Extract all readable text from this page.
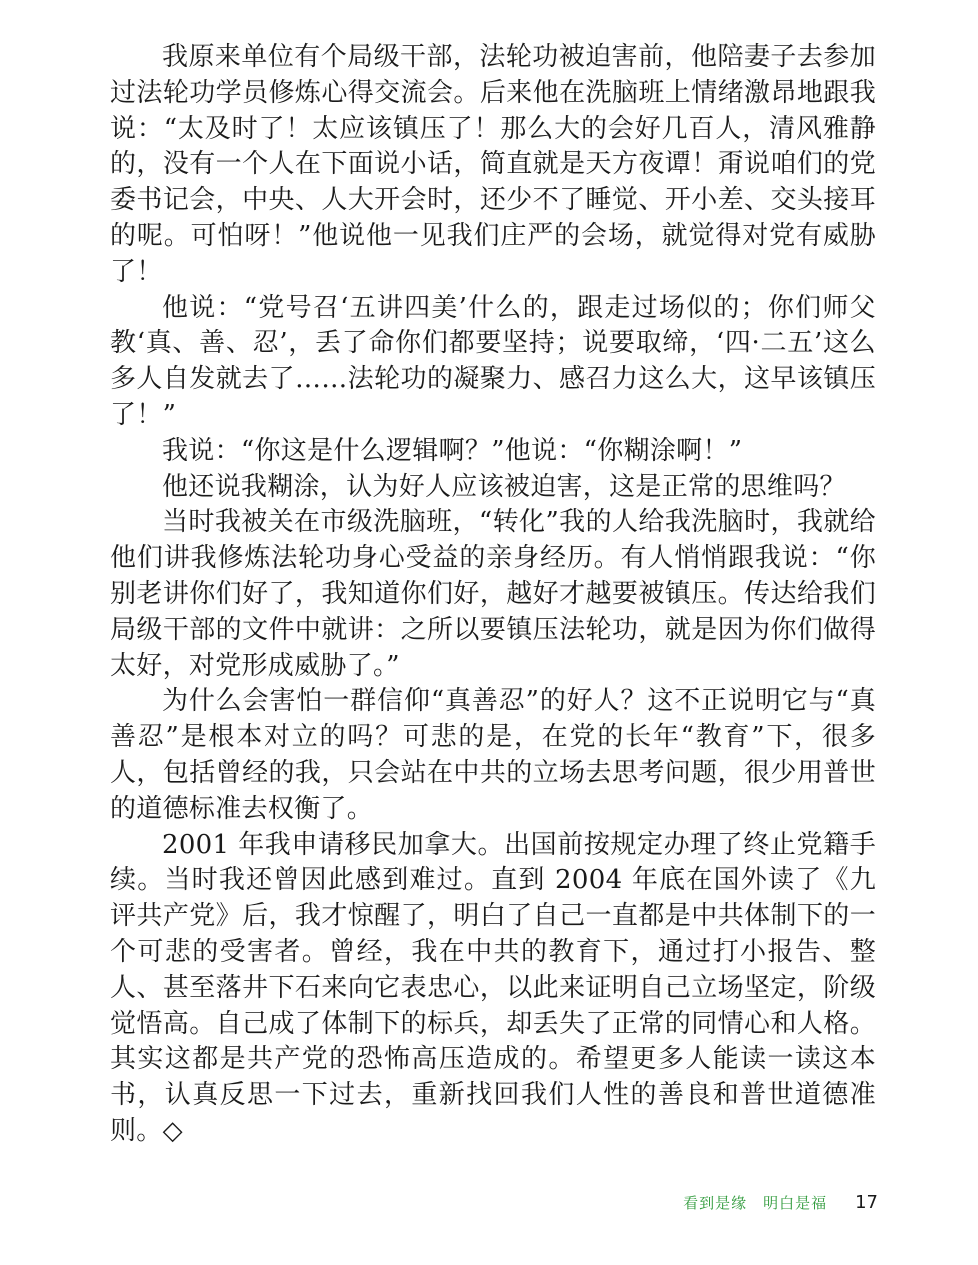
我原来单位有个局级干部，法轮功被迫害前，他陪妻子去参加过法轮功学员修炼心得交流会。后来他在洗脑班上情绪激昂地跟我说：“太及时了！太应该镇压了！那么大的会好几百人，清风雅静的，没有一个人在下面说小话，简直就是天方夜谭！甭说咱们的党委书记会，中央、人大开会时，还少不了睡觉、开小差、交头接耳的呢。可怕呀！”他说他一见我们庄严的会场，就觉得对党有威胁了！

他说：“党号召‘五讲四美’什么的，跟走过场似的；你们师父教‘真、善、忍’，丢了命你们都要坚持；说要取缔，‘四·二五’这么多人自发就去了……法轮功的凝聚力、感召力这么大，这早该镇压了！”

我说：“你这是什么逻辑啊？”他说：“你糊涂啊！”

他还说我糊涂，认为好人应该被迫害，这是正常的思维吗？

当时我被关在市级洗脑班，“转化”我的人给我洗脑时，我就给他们讲我修炼法轮功身心受益的亲身经历。有人悄悄跟我说：“你别老讲你们好了，我知道你们好，越好才越要被镇压。传达给我们局级干部的文件中就讲：之所以要镇压法轮功，就是因为你们做得太好，对党形成威胁了。”

为什么会害怕一群信仰“真善忍”的好人？这不正说明它与“真善忍”是根本对立的吗？可悲的是，在党的长年“教育”下，很多人，包括曾经的我，只会站在中共的立场去思考问题，很少用普世的道德标准去权衡了。

2001 年我申请移民加拿大。出国前按规定办理了终止党籍手续。当时我还曾因此感到难过。直到 2004 年底在国外读了《九评共产党》后，我才惊醒了，明白了自己一直都是中共体制下的一个可悲的受害者。曾经，我在中共的教育下，通过打小报告、整人、甚至落井下石来向它表忠心，以此来证明自己立场坚定，阶级觉悟高。自己成了体制下的标兵，却丢失了正常的同情心和人格。其实这都是共产党的恐怖高压造成的。希望更多人能读一读这本书，认真反思一下过去，重新找回我们人性的善良和普世道德准则。◇

看到是缘　明白是福 17
